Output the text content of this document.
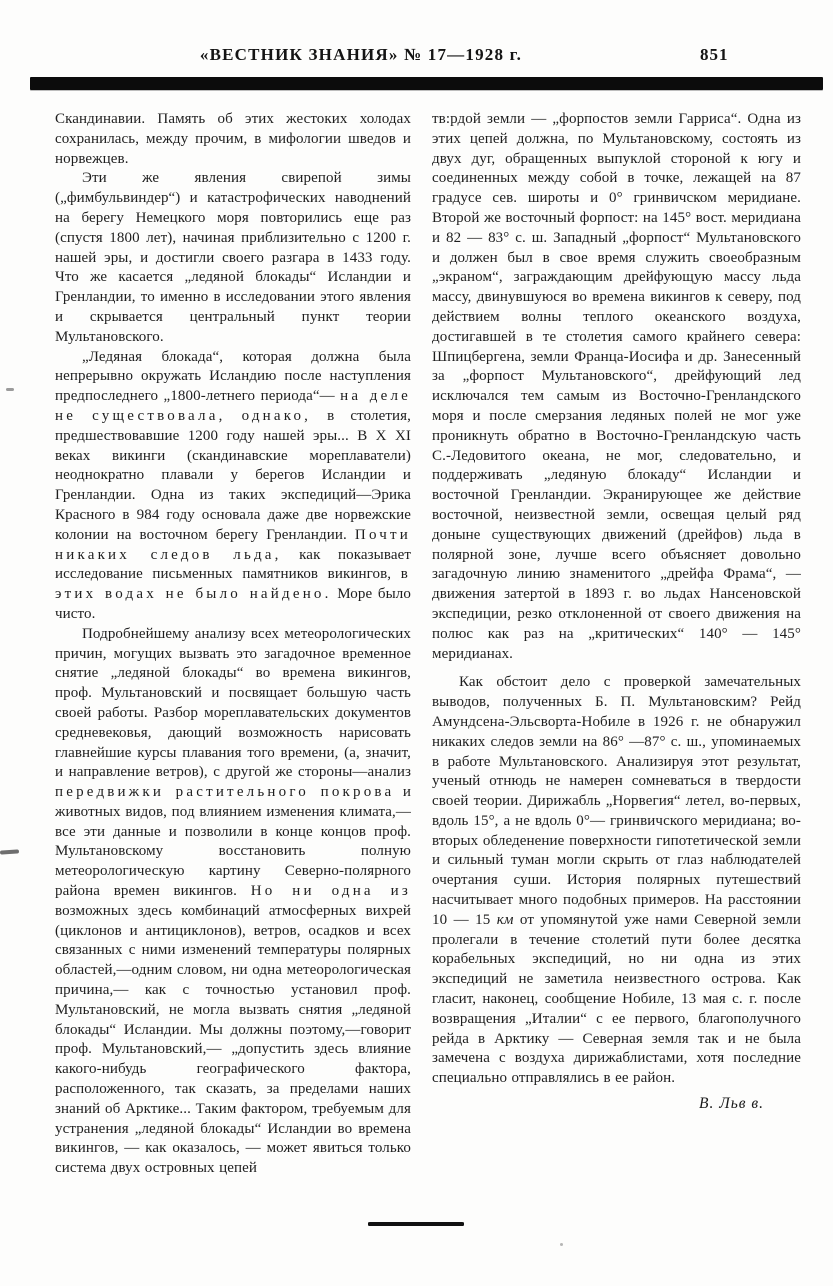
«ВЕСТНИК ЗНАНИЯ» № 17—1928 г.	851

Скандинавии. Память об этих жестоких холодах сохранилась, между прочим, в мифологии шведов и норвежцев.

Эти же явления свирепой зимы („фимбульвиндер“) и катастрофических наводнений на берегу Немецкого моря повторились еще раз (спустя 1800 лет), начиная приблизительно с 1200 г. нашей эры, и достигли своего разгара в 1433 году. Что же касается „ледяной блокады“ Исландии и Гренландии, то именно в исследовании этого явления и скрывается центральный пункт теории Мультановского.

„Ледяная блокада“, которая должна была непрерывно окружать Исландию после наступления предпоследнего „1800-летнего периода“— на деле не существовала, однако, в столетия, предшествовавшие 1200 году нашей эры... В X XI веках викинги (скандинавские мореплаватели) неоднократно плавали у берегов Исландии и Гренландии. Одна из таких экспедиций—Эрика Красного в 984 году основала даже две норвежские колонии на восточном берегу Гренландии. Почти никаких следов льда, как показывает исследование письменных памятников викингов, в этих водах не было найдено. Море было чисто.

Подробнейшему анализу всех метеорологических причин, могущих вызвать это загадочное временное снятие „ледяной блокады“ во времена викингов, проф. Мультановский и посвящает большую часть своей работы. Разбор мореплавательских документов средневековья, дающий возможность нарисовать главнейшие курсы плавания того времени, (а, значит, и направление ветров), с другой же стороны—анализ передвижки растительного покрова и животных видов, под влиянием изменения климата,—все эти данные и позволили в конце концов проф. Мультановскому восстановить полную метеорологическую картину Северно-полярного района времен викингов. Но ни одна из возможных здесь комбинаций атмосферных вихрей (циклонов и антициклонов), ветров, осадков и всех связанных с ними изменений температуры полярных областей,—одним словом, ни одна метеорологическая причина,— как с точностью установил проф. Мультановский, не могла вызвать снятия „ледяной блокады“ Исландии. Мы должны поэтому,—говорит проф. Мультановский,— „допустить здесь влияние какого-нибудь географического фактора, расположенного, так сказать, за пределами наших знаний об Арктике... Таким фактором, требуемым для устранения „ледяной блокады“ Исландии во времена викингов, — как оказалось, — может явиться только система двух островных цепей

тв:рдой земли — „форпостов земли Гарриса“. Одна из этих цепей должна, по Мультановскому, состоять из двух дуг, обращенных выпуклой стороной к югу и соединенных между собой в точке, лежащей на 87 градусе сев. широты и 0° гринвичском меридиане. Второй же восточный форпост: на 145° вост. меридиана и 82 — 83° с. ш. Западный „форпост“ Мультановского и должен был в свое время служить своеобразным „экраном“, заграждающим дрейфующую массу льда массу, двинувшуюся во времена викингов к северу, под действием волны теплого океанского воздуха, достигавшей в те столетия самого крайнего севера: Шпицбергена, земли Франца-Иосифа и др. Занесенный за „форпост Мультановского“, дрейфующий лед исключался тем самым из Восточно-Гренландского моря и после смерзания ледяных полей не мог уже проникнуть обратно в Восточно-Гренландскую часть С.-Ледовитого океана, не мог, следовательно, и поддерживать „ледяную блокаду“ Исландии и восточной Гренландии. Экранирующее же действие восточной, неизвестной земли, освещая целый ряд доныне существующих движений (дрейфов) льда в полярной зоне, лучше всего объясняет довольно загадочную линию знаменитого „дрейфа Фрама“, — движения затертой в 1893 г. во льдах Нансеновской экспедиции, резко отклоненной от своего движения на полюс как раз на „критических“ 140° — 145° меридианах.

Как обстоит дело с проверкой замечательных выводов, полученных Б. П. Мультановским? Рейд Амундсена-Эльсворта-Нобиле в 1926 г. не обнаружил никаких следов земли на 86° —87° с. ш., упоминаемых в работе Мультановского. Анализируя этот результат, ученый отнюдь не намерен сомневаться в твердости своей теории. Дирижабль „Норвегия“ летел, во-первых, вдоль 15°, а не вдоль 0°— гринвичского меридиана; во-вторых обледенение поверхности гипотетической земли и сильный туман могли скрыть от глаз наблюдателей очертания суши. История полярных путешествий насчитывает много подобных примеров. На расстоянии 10 — 15 км от упомянутой уже нами Северной земли пролегали в течение столетий пути более десятка корабельных экспедиций, но ни одна из этих экспедиций не заметила неизвестного острова. Как гласит, наконец, сообщение Нобиле, 13 мая с. г. после возвращения „Италии“ с ее первого, благополучного рейда в Арктику — Северная земля так и не была замечена с воздуха дирижаблистами, хотя последние специально отправлялись в ее район.

В. Льв в.
